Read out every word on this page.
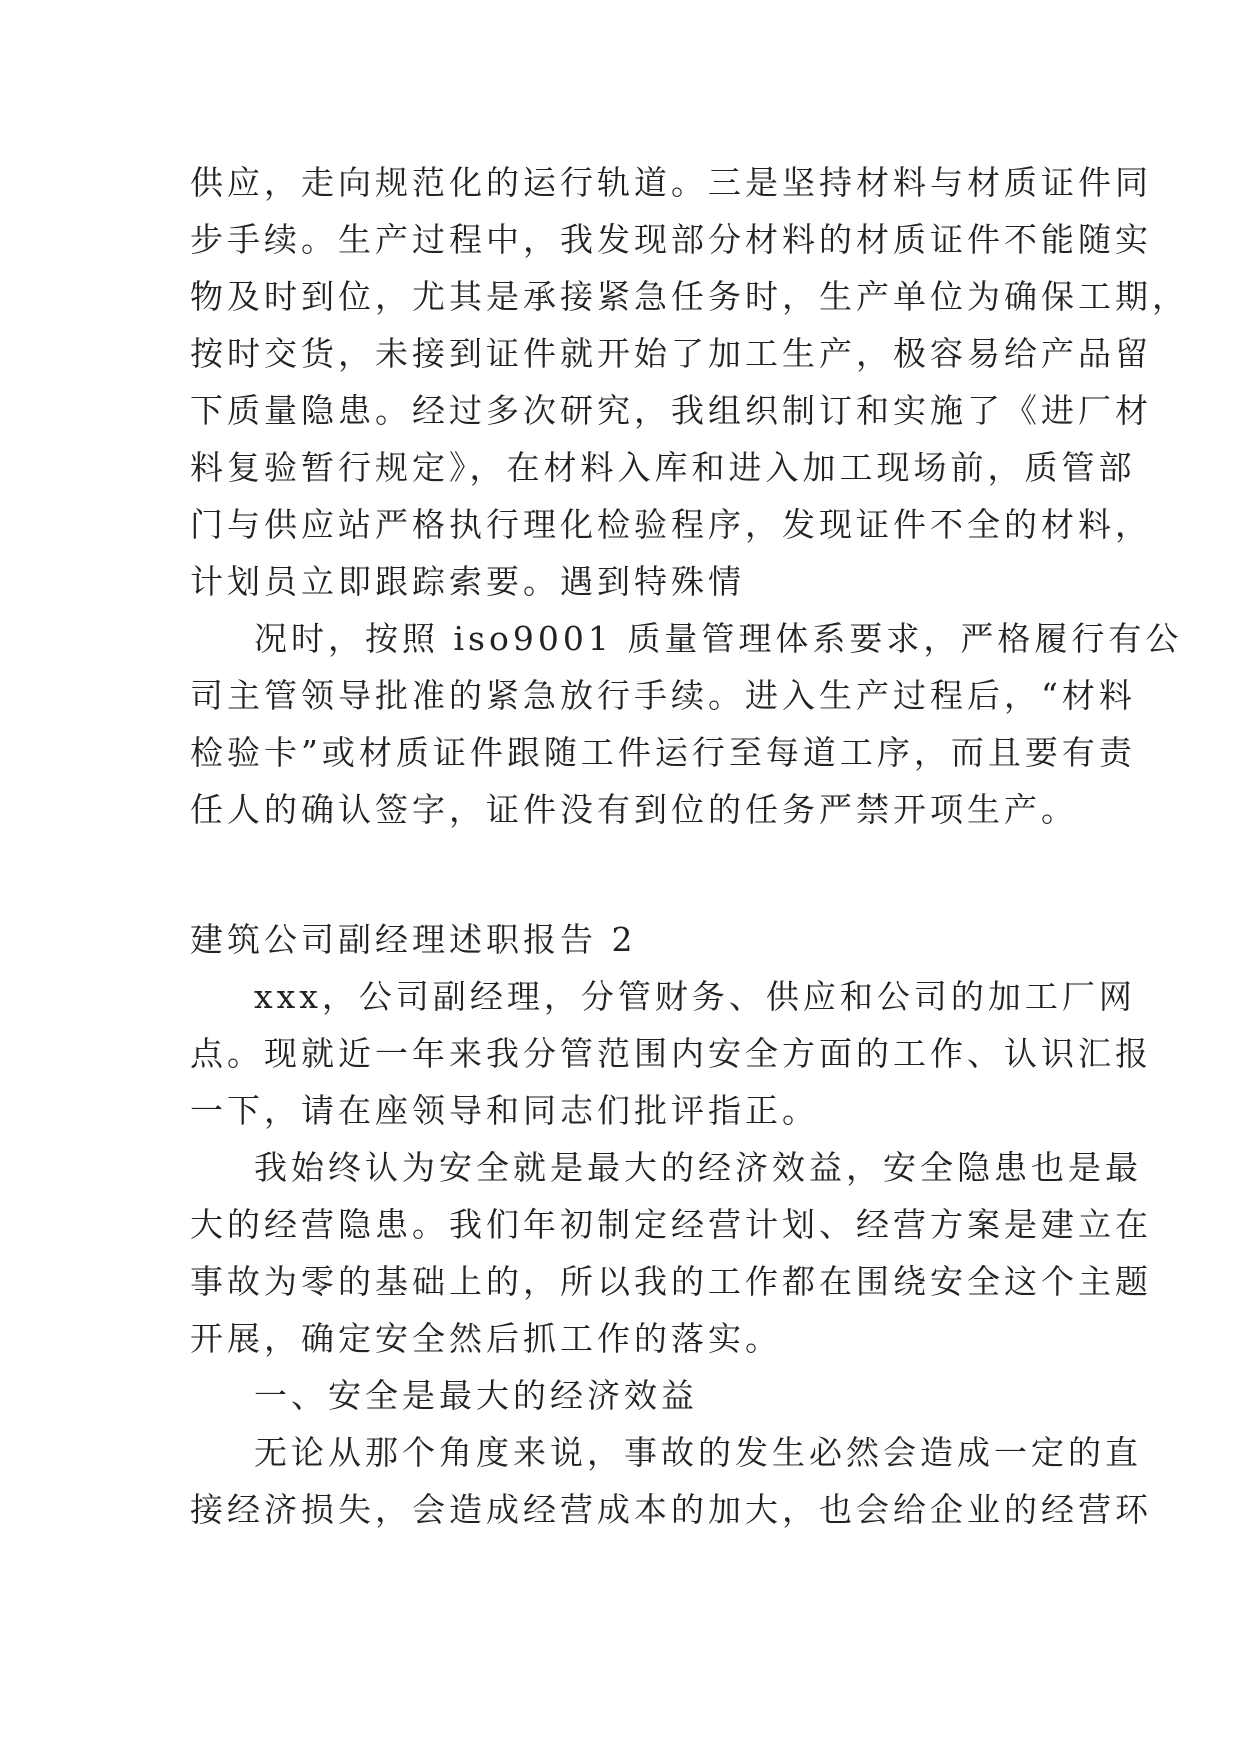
供应，走向规范化的运行轨道。三是坚持材料与材质证件同
步手续。生产过程中，我发现部分材料的材质证件不能随实
物及时到位，尤其是承接紧急任务时，生产单位为确保工期，
按时交货，未接到证件就开始了加工生产，极容易给产品留
下质量隐患。经过多次研究，我组织制订和实施了《进厂材
料复验暂行规定》，在材料入库和进入加工现场前，质管部
门与供应站严格执行理化检验程序，发现证件不全的材料，
计划员立即跟踪索要。遇到特殊情
况时，按照 iso9001 质量管理体系要求，严格履行有公
司主管领导批准的紧急放行手续。进入生产过程后，“材料
检验卡”或材质证件跟随工件运行至每道工序，而且要有责
任人的确认签字，证件没有到位的任务严禁开项生产。
建筑公司副经理述职报告 2
xxx，公司副经理，分管财务、供应和公司的加工厂网
点。现就近一年来我分管范围内安全方面的工作、认识汇报
一下，请在座领导和同志们批评指正。
我始终认为安全就是最大的经济效益，安全隐患也是最
大的经营隐患。我们年初制定经营计划、经营方案是建立在
事故为零的基础上的，所以我的工作都在围绕安全这个主题
开展，确定安全然后抓工作的落实。
一、安全是最大的经济效益
无论从那个角度来说，事故的发生必然会造成一定的直
接经济损失，会造成经营成本的加大，也会给企业的经营环
